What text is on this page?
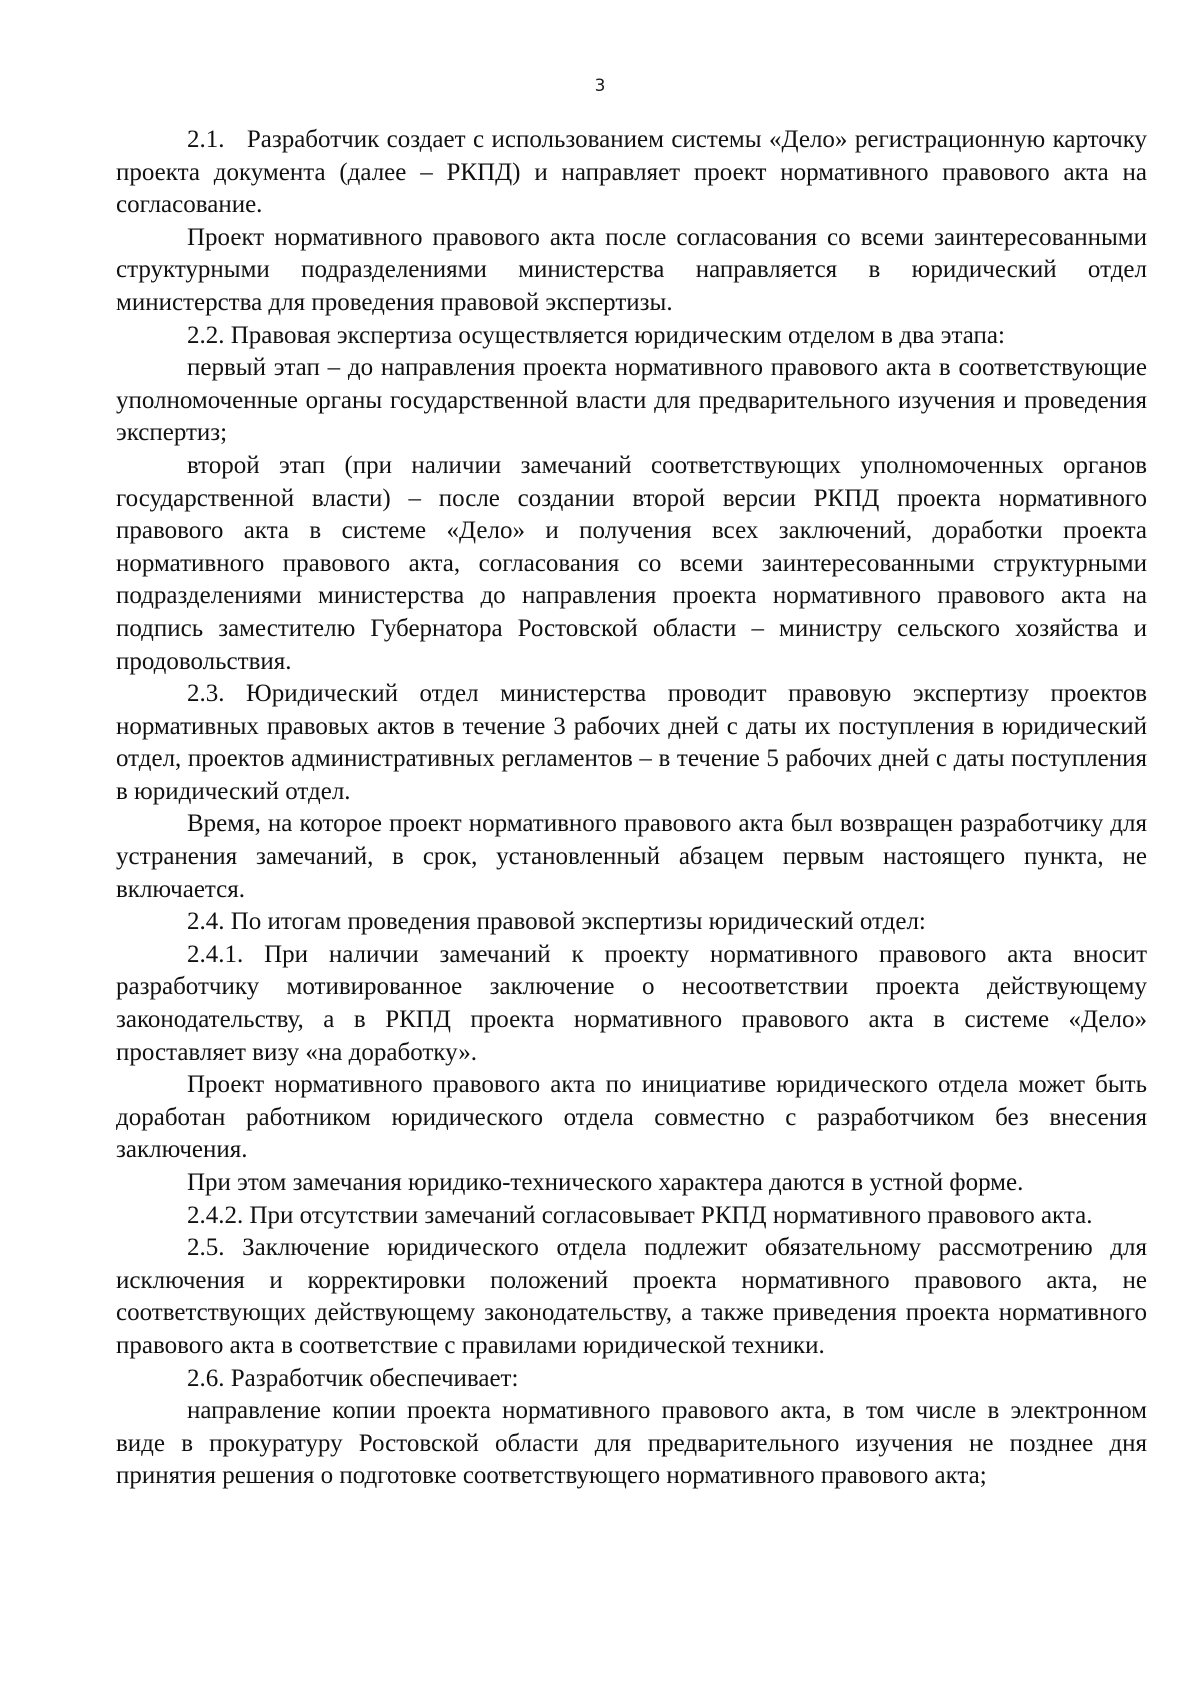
3

2.1.   Разработчик создает с использованием системы «Дело» регистрационную карточку проекта документа (далее – РКПД) и направляет проект нормативного правового акта на согласование.

Проект нормативного правового акта после согласования со всеми заинтересованными структурными подразделениями министерства направляется в юридический отдел министерства для проведения правовой экспертизы.

2.2. Правовая экспертиза осуществляется юридическим отделом в два этапа:

первый этап – до направления проекта нормативного правового акта в соответствующие уполномоченные органы государственной власти для предварительного изучения и проведения экспертиз;

второй этап (при наличии замечаний соответствующих уполномоченных органов государственной власти) – после создании второй версии РКПД проекта нормативного правового акта в системе «Дело» и получения всех заключений, доработки проекта нормативного правового акта, согласования со всеми заинтересованными структурными подразделениями министерства до направления проекта нормативного правового акта на подпись заместителю Губернатора Ростовской области – министру сельского хозяйства и продовольствия.

2.3. Юридический отдел министерства проводит правовую экспертизу проектов нормативных правовых актов в течение 3 рабочих дней с даты их поступления в юридический отдел, проектов административных регламентов – в течение 5 рабочих дней с даты поступления в юридический отдел.

Время, на которое проект нормативного правового акта был возвращен разработчику для устранения замечаний, в срок, установленный абзацем первым настоящего пункта, не включается.

2.4. По итогам проведения правовой экспертизы юридический отдел:

2.4.1. При наличии замечаний к проекту нормативного правового акта вносит разработчику мотивированное заключение о несоответствии проекта действующему законодательству, а в РКПД проекта нормативного правового акта в системе «Дело» проставляет визу «на доработку».

Проект нормативного правового акта по инициативе юридического отдела может быть доработан работником юридического отдела совместно с разработчиком без внесения заключения.

При этом замечания юридико-технического характера даются в устной форме.

2.4.2. При отсутствии замечаний согласовывает РКПД нормативного правового акта.

2.5. Заключение юридического отдела подлежит обязательному рассмотрению для исключения и корректировки положений проекта нормативного правового акта, не соответствующих действующему законодательству, а также приведения проекта нормативного правового акта в соответствие с правилами юридической техники.

2.6. Разработчик обеспечивает:

направление копии проекта нормативного правового акта, в том числе в электронном виде в прокуратуру Ростовской области для предварительного изучения не позднее дня принятия решения о подготовке соответствующего нормативного правового акта;
